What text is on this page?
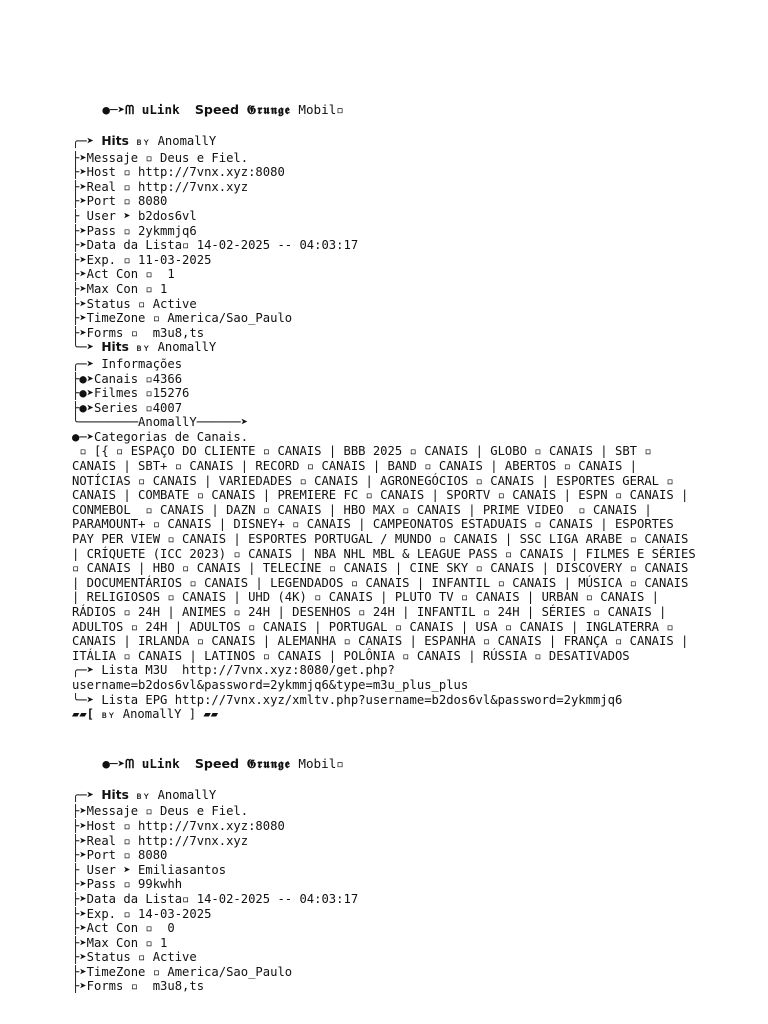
●─➤ᗰ uLink Speed 𝕲𝖗𝖚𝖓𝖌𝖊 Mobil▫

╭─➤ Hits ʙʏ AnomallY
├➤Messaje ▫ Deus e Fiel.
├➤Host ▫ http://7vnx.xyz:8080
├➤Real ▫ http://7vnx.xyz
├➤Port ▫ 8080
├ User ➤ b2dos6vl
├➤Pass ▫ 2ykmmjq6
├➤Data da Lista▫ 14-02-2025 -- 04:03:17
├➤Exp. ▫ 11-03-2025
├➤Act Con ▫  1
├➤Max Con ▫ 1
├➤Status ▫ Active
├➤TimeZone ▫ America/Sao_Paulo
├➤Forms ▫  m3u8,ts
╰─➤ Hits ʙʏ AnomallY
╭─➤ Informações
├●➤Canais ▫4366
├●➤Filmes ▫15276
├●➤Series ▫4007
╰────────AnomallY──────➤
●─➤Categorias de Canais.
▫ [{ ▫ ESPAÇO DO CLIENTE ▫ CANAIS | BBB 2025 ▫ CANAIS | GLOBO ▫ CANAIS | SBT ▫ CANAIS | SBT+ ▫ CANAIS | RECORD ▫ CANAIS | BAND ▫ CANAIS | ABERTOS ▫ CANAIS | NOTÍCIAS ▫ CANAIS | VARIEDADES ▫ CANAIS | AGRONEGÓCIOS ▫ CANAIS | ESPORTES GERAL ▫ CANAIS | COMBATE ▫ CANAIS | PREMIERE FC ▫ CANAIS | SPORTV ▫ CANAIS | ESPN ▫ CANAIS | CONMEBOL  ▫ CANAIS | DAZN ▫ CANAIS | HBO MAX ▫ CANAIS | PRIME VIDEO  ▫ CANAIS | PARAMOUNT+ ▫ CANAIS | DISNEY+ ▫ CANAIS | CAMPEONATOS ESTADUAIS ▫ CANAIS | ESPORTES PAY PER VIEW ▫ CANAIS | ESPORTES PORTUGAL / MUNDO ▫ CANAIS | SSC LIGA ARABE ▫ CANAIS | CRÍQUETE (ICC 2023) ▫ CANAIS | NBA NHL MBL & LEAGUE PASS ▫ CANAIS | FILMES E SÉRIES ▫ CANAIS | HBO ▫ CANAIS | TELECINE ▫ CANAIS | CINE SKY ▫ CANAIS | DISCOVERY ▫ CANAIS | DOCUMENTÁRIOS ▫ CANAIS | LEGENDADOS ▫ CANAIS | INFANTIL ▫ CANAIS | MÚSICA ▫ CANAIS | RELIGIOSOS ▫ CANAIS | UHD (4K) ▫ CANAIS | PLUTO TV ▫ CANAIS | URBAN ▫ CANAIS | RÁDIOS ▫ 24H | ANIMES ▫ 24H | DESENHOS ▫ 24H | INFANTIL ▫ 24H | SÉRIES ▫ CANAIS | ADULTOS ▫ 24H | ADULTOS ▫ CANAIS | PORTUGAL ▫ CANAIS | USA ▫ CANAIS | INGLATERRA ▫ CANAIS | IRLANDA ▫ CANAIS | ALEMANHA ▫ CANAIS | ESPANHA ▫ CANAIS | FRANÇA ▫ CANAIS | ITÁLIA ▫ CANAIS | LATINOS ▫ CANAIS | POLÔNIA ▫ CANAIS | RÚSSIA ▫ DESATIVADOS
╭─➤ Lista M3U  http://7vnx.xyz:8080/get.php?username=b2dos6vl&password=2ykmmjq6&type=m3u_plus_plus
╰─➤ Lista EPG http://7vnx.xyz/xmltv.php?username=b2dos6vl&password=2ykmmjq6
▰▰[ ʙʏ AnomallY ] ▰▰

●─➤ᗰ uLink Speed 𝕲𝖗𝖚𝖓𝖌𝖊 Mobil▫

╭─➤ Hits ʙʏ AnomallY
├➤Messaje ▫ Deus e Fiel.
├➤Host ▫ http://7vnx.xyz:8080
├➤Real ▫ http://7vnx.xyz
├➤Port ▫ 8080
├ User ➤ Emiliasantos
├➤Pass ▫ 99kwhh
├➤Data da Lista▫ 14-02-2025 -- 04:03:17
├➤Exp. ▫ 14-03-2025
├➤Act Con ▫  0
├➤Max Con ▫ 1
├➤Status ▫ Active
├➤TimeZone ▫ America/Sao_Paulo
├➤Forms ▫  m3u8,ts
